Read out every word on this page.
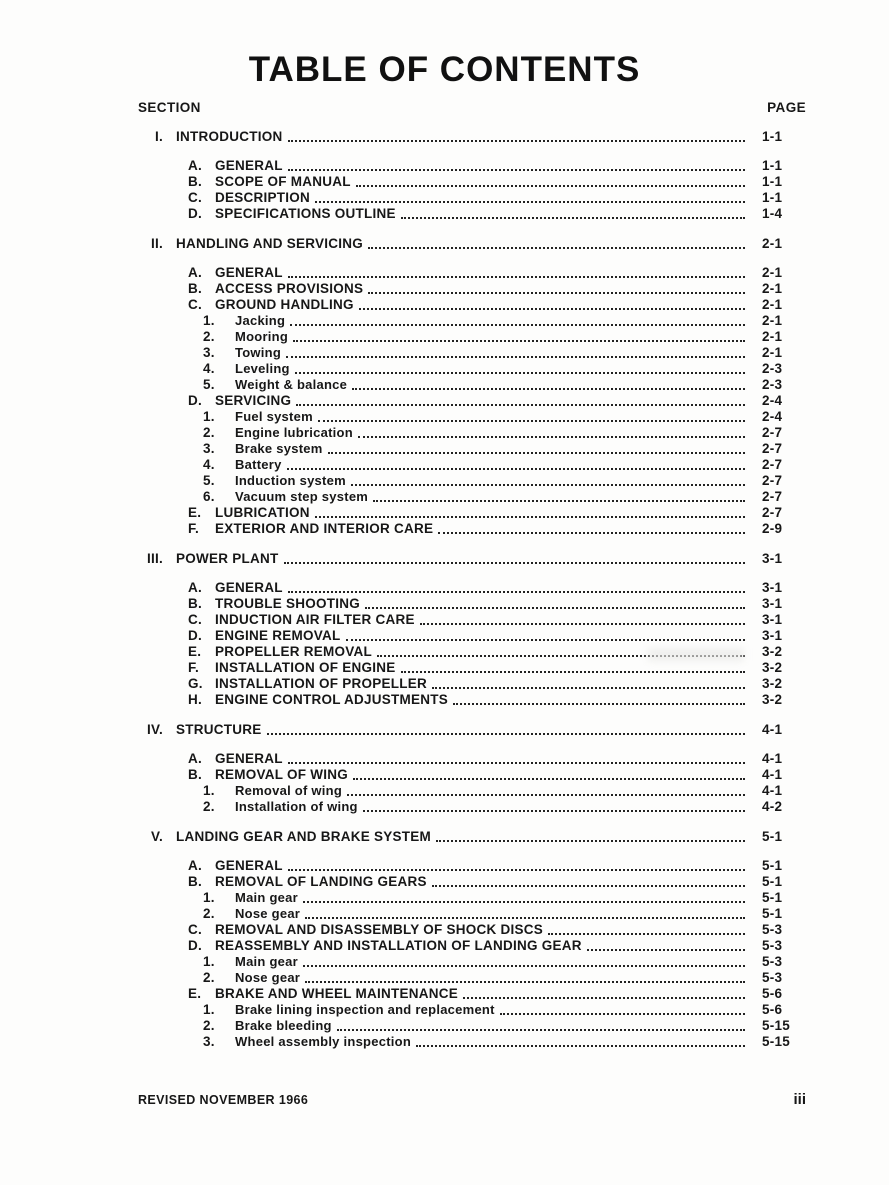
TABLE OF CONTENTS
SECTION	PAGE
I. INTRODUCTION	1-1
A. GENERAL	1-1
B. SCOPE OF MANUAL	1-1
C. DESCRIPTION	1-1
D. SPECIFICATIONS OUTLINE	1-4
II. HANDLING AND SERVICING	2-1
A. GENERAL	2-1
B. ACCESS PROVISIONS	2-1
C. GROUND HANDLING	2-1
1.	Jacking	2-1
2.	Mooring	2-1
3.	Towing	2-1
4.	Leveling	2-3
5.	Weight & balance	2-3
D. SERVICING	2-4
1.	Fuel system	2-4
2.	Engine lubrication	2-7
3.	Brake system	2-7
4.	Battery	2-7
5.	Induction system	2-7
6.	Vacuum step system	2-7
E.	LUBRICATION	2-7
F.	EXTERIOR AND INTERIOR CARE	2-9
III. POWER PLANT	3-1
A. GENERAL	3-1
B. TROUBLE SHOOTING	3-1
C. INDUCTION AIR FILTER CARE	3-1
D. ENGINE REMOVAL	3-1
E.	PROPELLER REMOVAL	3-2
F.	INSTALLATION OF ENGINE	3-2
G. INSTALLATION OF PROPELLER	3-2
H. ENGINE CONTROL ADJUSTMENTS	3-2
IV. STRUCTURE	4-1
A. GENERAL	4-1
B. REMOVAL OF WING	4-1
1.	Removal of wing	4-1
2.	Installation of wing	4-2
V. LANDING GEAR AND BRAKE SYSTEM	5-1
A. GENERAL	5-1
B. REMOVAL OF LANDING GEARS	5-1
1.	Main gear	5-1
2.	Nose gear	5-1
C. REMOVAL AND DISASSEMBLY OF SHOCK DISCS	5-3
D. REASSEMBLY AND INSTALLATION OF LANDING GEAR	5-3
1.	Main gear	5-3
2.	Nose gear	5-3
E.	BRAKE AND WHEEL MAINTENANCE	5-6
1.	Brake lining inspection and replacement	5-6
2.	Brake bleeding	5-15
3.	Wheel assembly inspection	5-15
REVISED NOVEMBER 1966	iii
